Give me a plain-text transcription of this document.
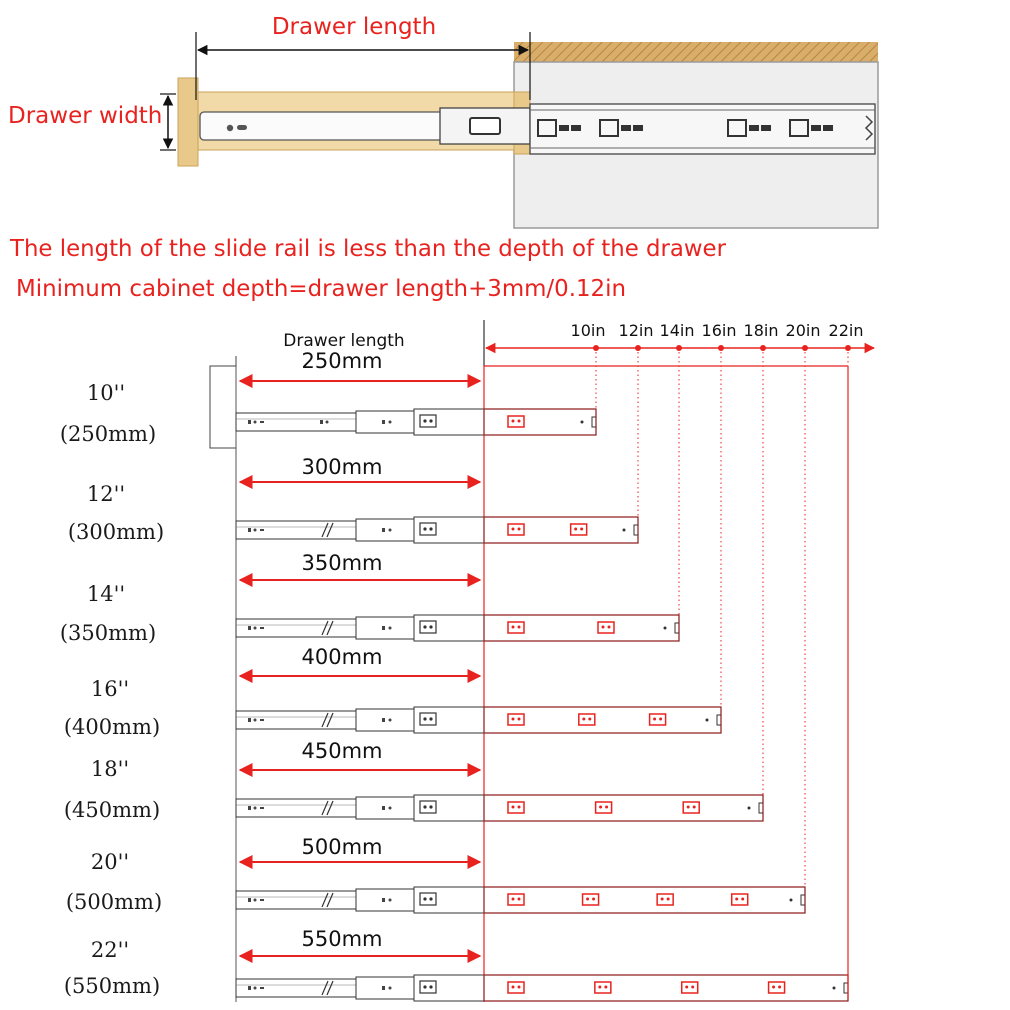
Drawer length
Drawer width
The length of the slide rail is less than the depth of the drawer
Minimum cabinet depth=drawer length+3mm/0.12in
Drawer length
10in 12in 14in 16in 18in 20in 22in
10''
(250mm)
250mm
12''
(300mm)
300mm
14''
(350mm)
350mm
16''
(400mm)
400mm
18''
(450mm)
450mm
20''
(500mm)
500mm
22''
(550mm)
550mm
